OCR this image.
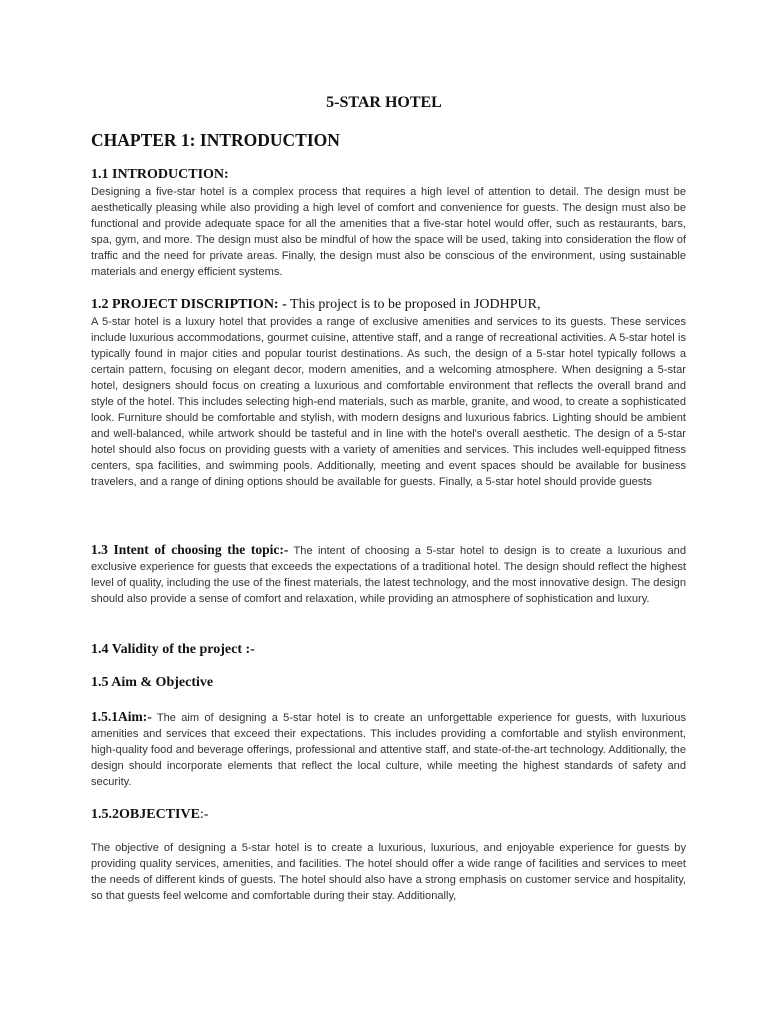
5-STAR HOTEL
CHAPTER 1: INTRODUCTION
1.1 INTRODUCTION:
Designing a five-star hotel is a complex process that requires a high level of attention to detail. The design must be aesthetically pleasing while also providing a high level of comfort and convenience for guests. The design must also be functional and provide adequate space for all the amenities that a five-star hotel would offer, such as restaurants, bars, spa, gym, and more. The design must also be mindful of how the space will be used, taking into consideration the flow of traffic and the need for private areas. Finally, the design must also be conscious of the environment, using sustainable materials and energy efficient systems.
1.2 PROJECT DISCRIPTION: - This project is to be proposed in JODHPUR,
A 5-star hotel is a luxury hotel that provides a range of exclusive amenities and services to its guests. These services include luxurious accommodations, gourmet cuisine, attentive staff, and a range of recreational activities. A 5-star hotel is typically found in major cities and popular tourist destinations. As such, the design of a 5-star hotel typically follows a certain pattern, focusing on elegant decor, modern amenities, and a welcoming atmosphere. When designing a 5-star hotel, designers should focus on creating a luxurious and comfortable environment that reflects the overall brand and style of the hotel. This includes selecting high-end materials, such as marble, granite, and wood, to create a sophisticated look. Furniture should be comfortable and stylish, with modern designs and luxurious fabrics. Lighting should be ambient and well-balanced, while artwork should be tasteful and in line with the hotel's overall aesthetic. The design of a 5-star hotel should also focus on providing guests with a variety of amenities and services. This includes well-equipped fitness centers, spa facilities, and swimming pools. Additionally, meeting and event spaces should be available for business travelers, and a range of dining options should be available for guests. Finally, a 5-star hotel should provide guests
1.3 Intent of choosing the topic:- The intent of choosing a 5-star hotel to design is to create a luxurious and exclusive experience for guests that exceeds the expectations of a traditional hotel. The design should reflect the highest level of quality, including the use of the finest materials, the latest technology, and the most innovative design. The design should also provide a sense of comfort and relaxation, while providing an atmosphere of sophistication and luxury.
1.4 Validity of the project :-
1.5 Aim & Objective
1.5.1Aim:- The aim of designing a 5-star hotel is to create an unforgettable experience for guests, with luxurious amenities and services that exceed their expectations. This includes providing a comfortable and stylish environment, high-quality food and beverage offerings, professional and attentive staff, and state-of-the-art technology. Additionally, the design should incorporate elements that reflect the local culture, while meeting the highest standards of safety and security.
1.5.2OBJECTIVE:-
The objective of designing a 5-star hotel is to create a luxurious, luxurious, and enjoyable experience for guests by providing quality services, amenities, and facilities. The hotel should offer a wide range of facilities and services to meet the needs of different kinds of guests. The hotel should also have a strong emphasis on customer service and hospitality, so that guests feel welcome and comfortable during their stay. Additionally,
